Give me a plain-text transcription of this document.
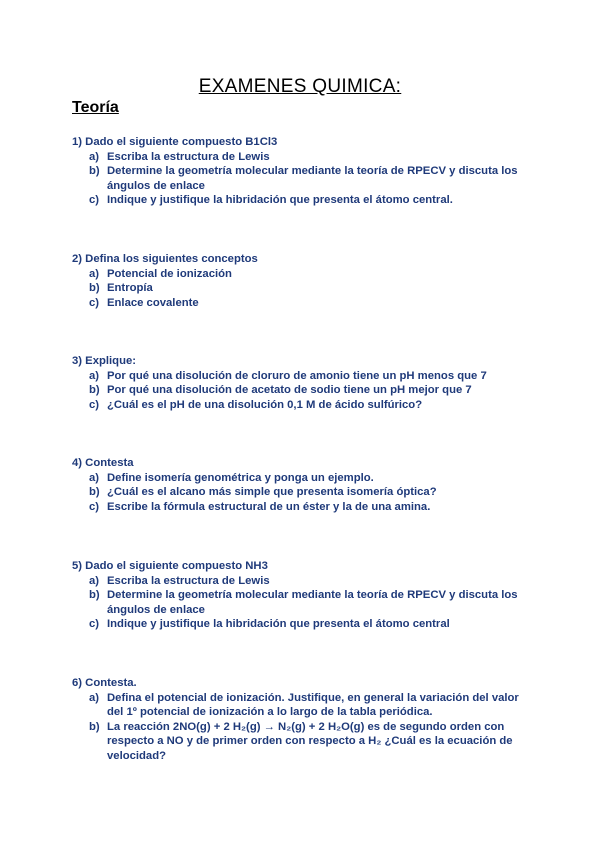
EXAMENES QUIMICA:
Teoría
1) Dado el siguiente compuesto B1Cl3
a) Escriba la estructura de Lewis
b) Determine la geometría molecular mediante la teoría de RPECV y discuta los ángulos de enlace
c) Indique y justifique la hibridación que presenta el átomo central.
2) Defina los siguientes conceptos
a) Potencial de ionización
b) Entropía
c) Enlace covalente
3) Explique:
a) Por qué una disolución de cloruro de amonio tiene un pH menos que 7
b) Por qué una disolución de acetato de sodio tiene un pH mejor que 7
c) ¿Cuál es el pH de una disolución 0,1 M de ácido sulfúrico?
4) Contesta
a) Define isomería genométrica y ponga un ejemplo.
b) ¿Cuál es el alcano más simple que presenta isomería óptica?
c) Escribe la fórmula estructural de un éster y la de una amina.
5) Dado el siguiente compuesto NH3
a) Escriba la estructura de Lewis
b) Determine la geometría molecular mediante la teoría de RPECV y discuta los ángulos de enlace
c) Indique y justifique la hibridación que presenta el átomo central
6) Contesta.
a) Defina el potencial de ionización. Justifique, en general la variación del valor del 1º potencial de ionización a lo largo de la tabla periódica.
b) La reacción 2NO(g) + 2 H₂(g) → N₂(g) + 2 H₂O(g) es de segundo orden con respecto a NO y de primer orden con respecto a H₂ ¿Cuál es la ecuación de velocidad?
